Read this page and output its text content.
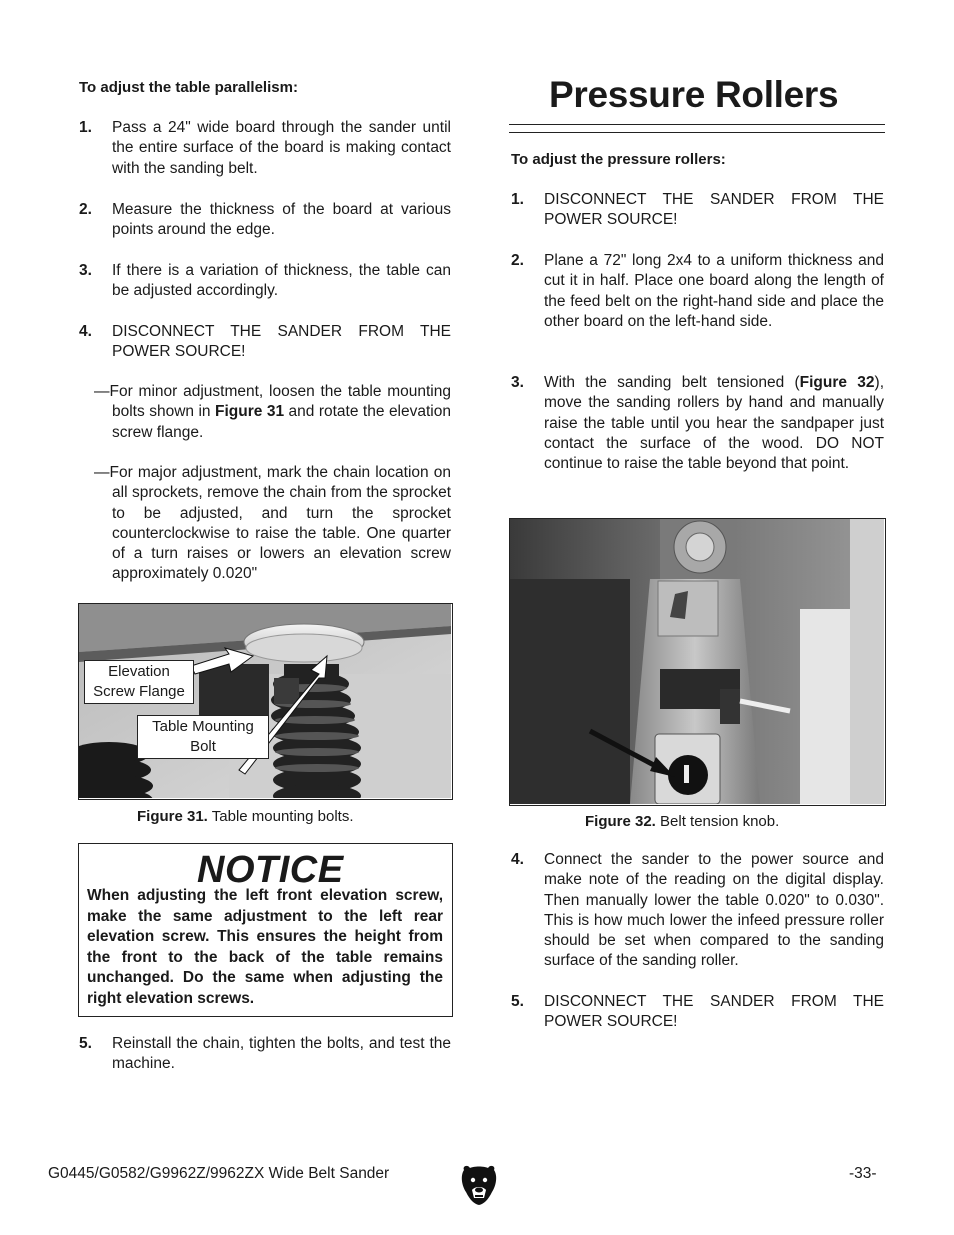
To adjust the table parallelism:
1. Pass a 24" wide board through the sander until the entire surface of the board is making contact with the sanding belt.
2. Measure the thickness of the board at various points around the edge.
3. If there is a variation of thickness, the table can be adjusted accordingly.
4. DISCONNECT THE SANDER FROM THE POWER SOURCE!
—For minor adjustment, loosen the table mounting bolts shown in Figure 31 and rotate the elevation screw flange.
—For major adjustment, mark the chain location on all sprockets, remove the chain from the sprocket to be adjusted, and turn the sprocket counterclockwise to raise the table. One quarter of a turn raises or lowers an elevation screw approximately 0.020"
Elevation Screw Flange
Table Mounting Bolt
Figure 31. Table mounting bolts.
NOTICE
When adjusting the left front elevation screw, make the same adjustment to the left rear elevation screw. This ensures the height from the front to the back of the table remains unchanged. Do the same when adjusting the right elevation screws.
5. Reinstall the chain, tighten the bolts, and test the machine.
Pressure Rollers
To adjust the pressure rollers:
1. DISCONNECT THE SANDER FROM THE POWER SOURCE!
2. Plane a 72" long 2x4 to a uniform thickness and cut it in half. Place one board along the length of the feed belt on the right-hand side and place the other board on the left-hand side.
3. With the sanding belt tensioned (Figure 32), move the sanding rollers by hand and manually raise the table until you hear the sandpaper just contact the surface of the wood. DO NOT continue to raise the table beyond that point.
Figure 32. Belt tension knob.
4. Connect the sander to the power source and make note of the reading on the digital display. Then manually lower the table 0.020" to 0.030". This is how much lower the infeed pressure roller should be set when compared to the sanding surface of the sanding roller.
5. DISCONNECT THE SANDER FROM THE POWER SOURCE!
G0445/G0582/G9962Z/9962ZX Wide Belt Sander	-33-
